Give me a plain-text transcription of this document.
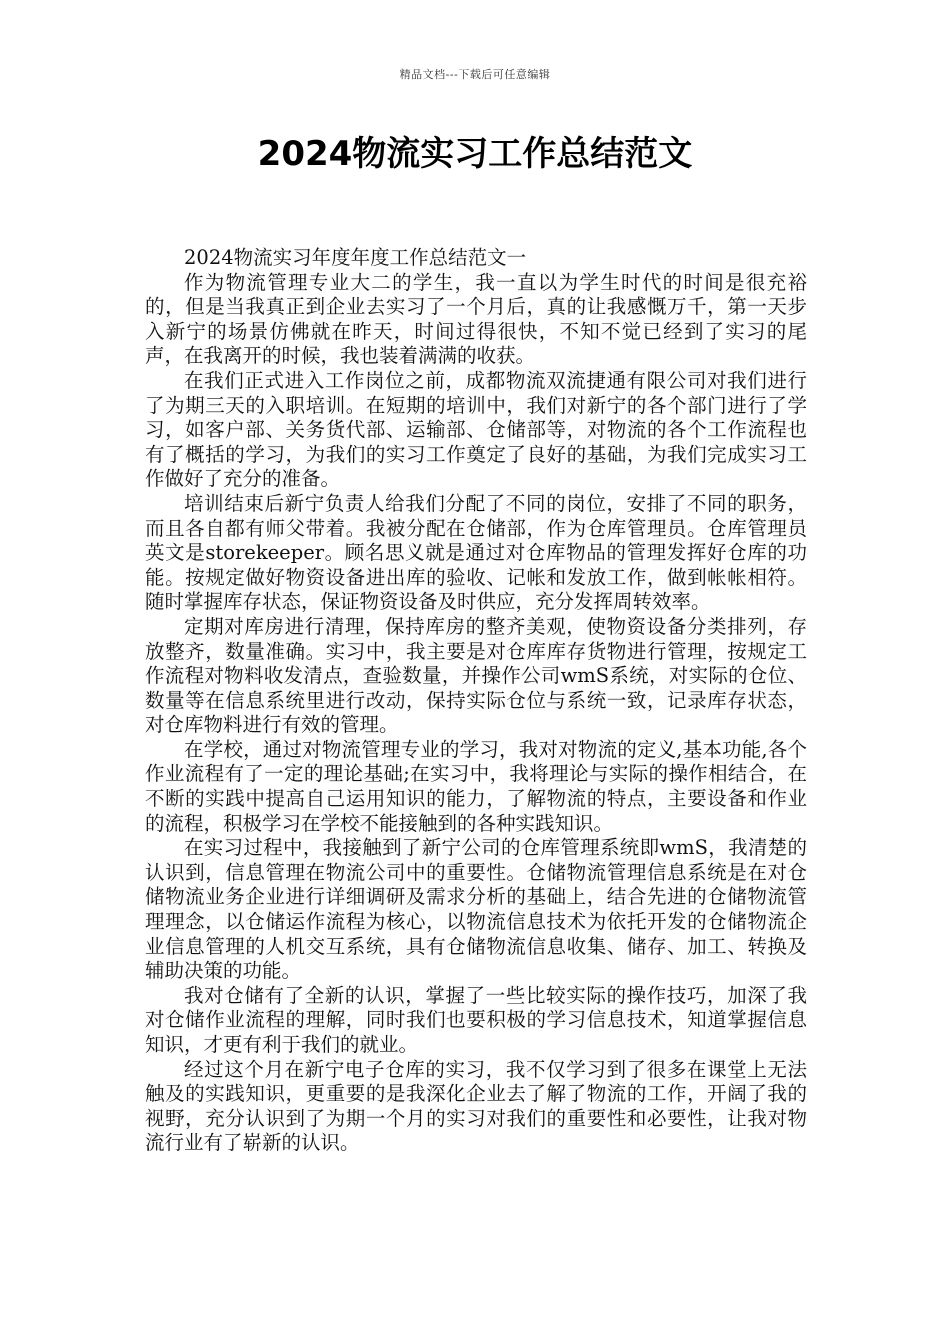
精品文档---下载后可任意编辑
2024物流实习工作总结范文

2024物流实习年度年度工作总结范文一

作为物流管理专业大二的学生，我一直以为学生时代的时间是很充裕的，但是当我真正到企业去实习了一个月后，真的让我感慨万千，第一天步入新宁的场景仿佛就在昨天，时间过得很快，不知不觉已经到了实习的尾声，在我离开的时候，我也装着满满的收获。

在我们正式进入工作岗位之前，成都物流双流捷通有限公司对我们进行了为期三天的入职培训。在短期的培训中，我们对新宁的各个部门进行了学习，如客户部、关务货代部、运输部、仓储部等，对物流的各个工作流程也有了概括的学习，为我们的实习工作奠定了良好的基础，为我们完成实习工作做好了充分的准备。

培训结束后新宁负责人给我们分配了不同的岗位，安排了不同的职务，而且各自都有师父带着。我被分配在仓储部，作为仓库管理员。仓库管理员英文是storekeeper。顾名思义就是通过对仓库物品的管理发挥好仓库的功能。按规定做好物资设备进出库的验收、记帐和发放工作，做到帐帐相符。随时掌握库存状态，保证物资设备及时供应，充分发挥周转效率。

定期对库房进行清理，保持库房的整齐美观，使物资设备分类排列，存放整齐，数量准确。实习中，我主要是对仓库库存货物进行管理，按规定工作流程对物料收发清点，查验数量，并操作公司wmS系统，对实际的仓位、数量等在信息系统里进行改动，保持实际仓位与系统一致，记录库存状态，对仓库物料进行有效的管理。

在学校，通过对物流管理专业的学习，我对对物流的定义,基本功能,各个作业流程有了一定的理论基础;在实习中，我将理论与实际的操作相结合，在不断的实践中提高自己运用知识的能力，了解物流的特点，主要设备和作业的流程，积极学习在学校不能接触到的各种实践知识。

在实习过程中，我接触到了新宁公司的仓库管理系统即wmS，我清楚的认识到，信息管理在物流公司中的重要性。仓储物流管理信息系统是在对仓储物流业务企业进行详细调研及需求分析的基础上，结合先进的仓储物流管理理念，以仓储运作流程为核心，以物流信息技术为依托开发的仓储物流企业信息管理的人机交互系统，具有仓储物流信息收集、储存、加工、转换及辅助决策的功能。

我对仓储有了全新的认识，掌握了一些比较实际的操作技巧，加深了我对仓储作业流程的理解，同时我们也要积极的学习信息技术，知道掌握信息知识，才更有利于我们的就业。

经过这个月在新宁电子仓库的实习，我不仅学习到了很多在课堂上无法触及的实践知识，更重要的是我深化企业去了解了物流的工作，开阔了我的视野，充分认识到了为期一个月的实习对我们的重要性和必要性，让我对物流行业有了崭新的认识。
